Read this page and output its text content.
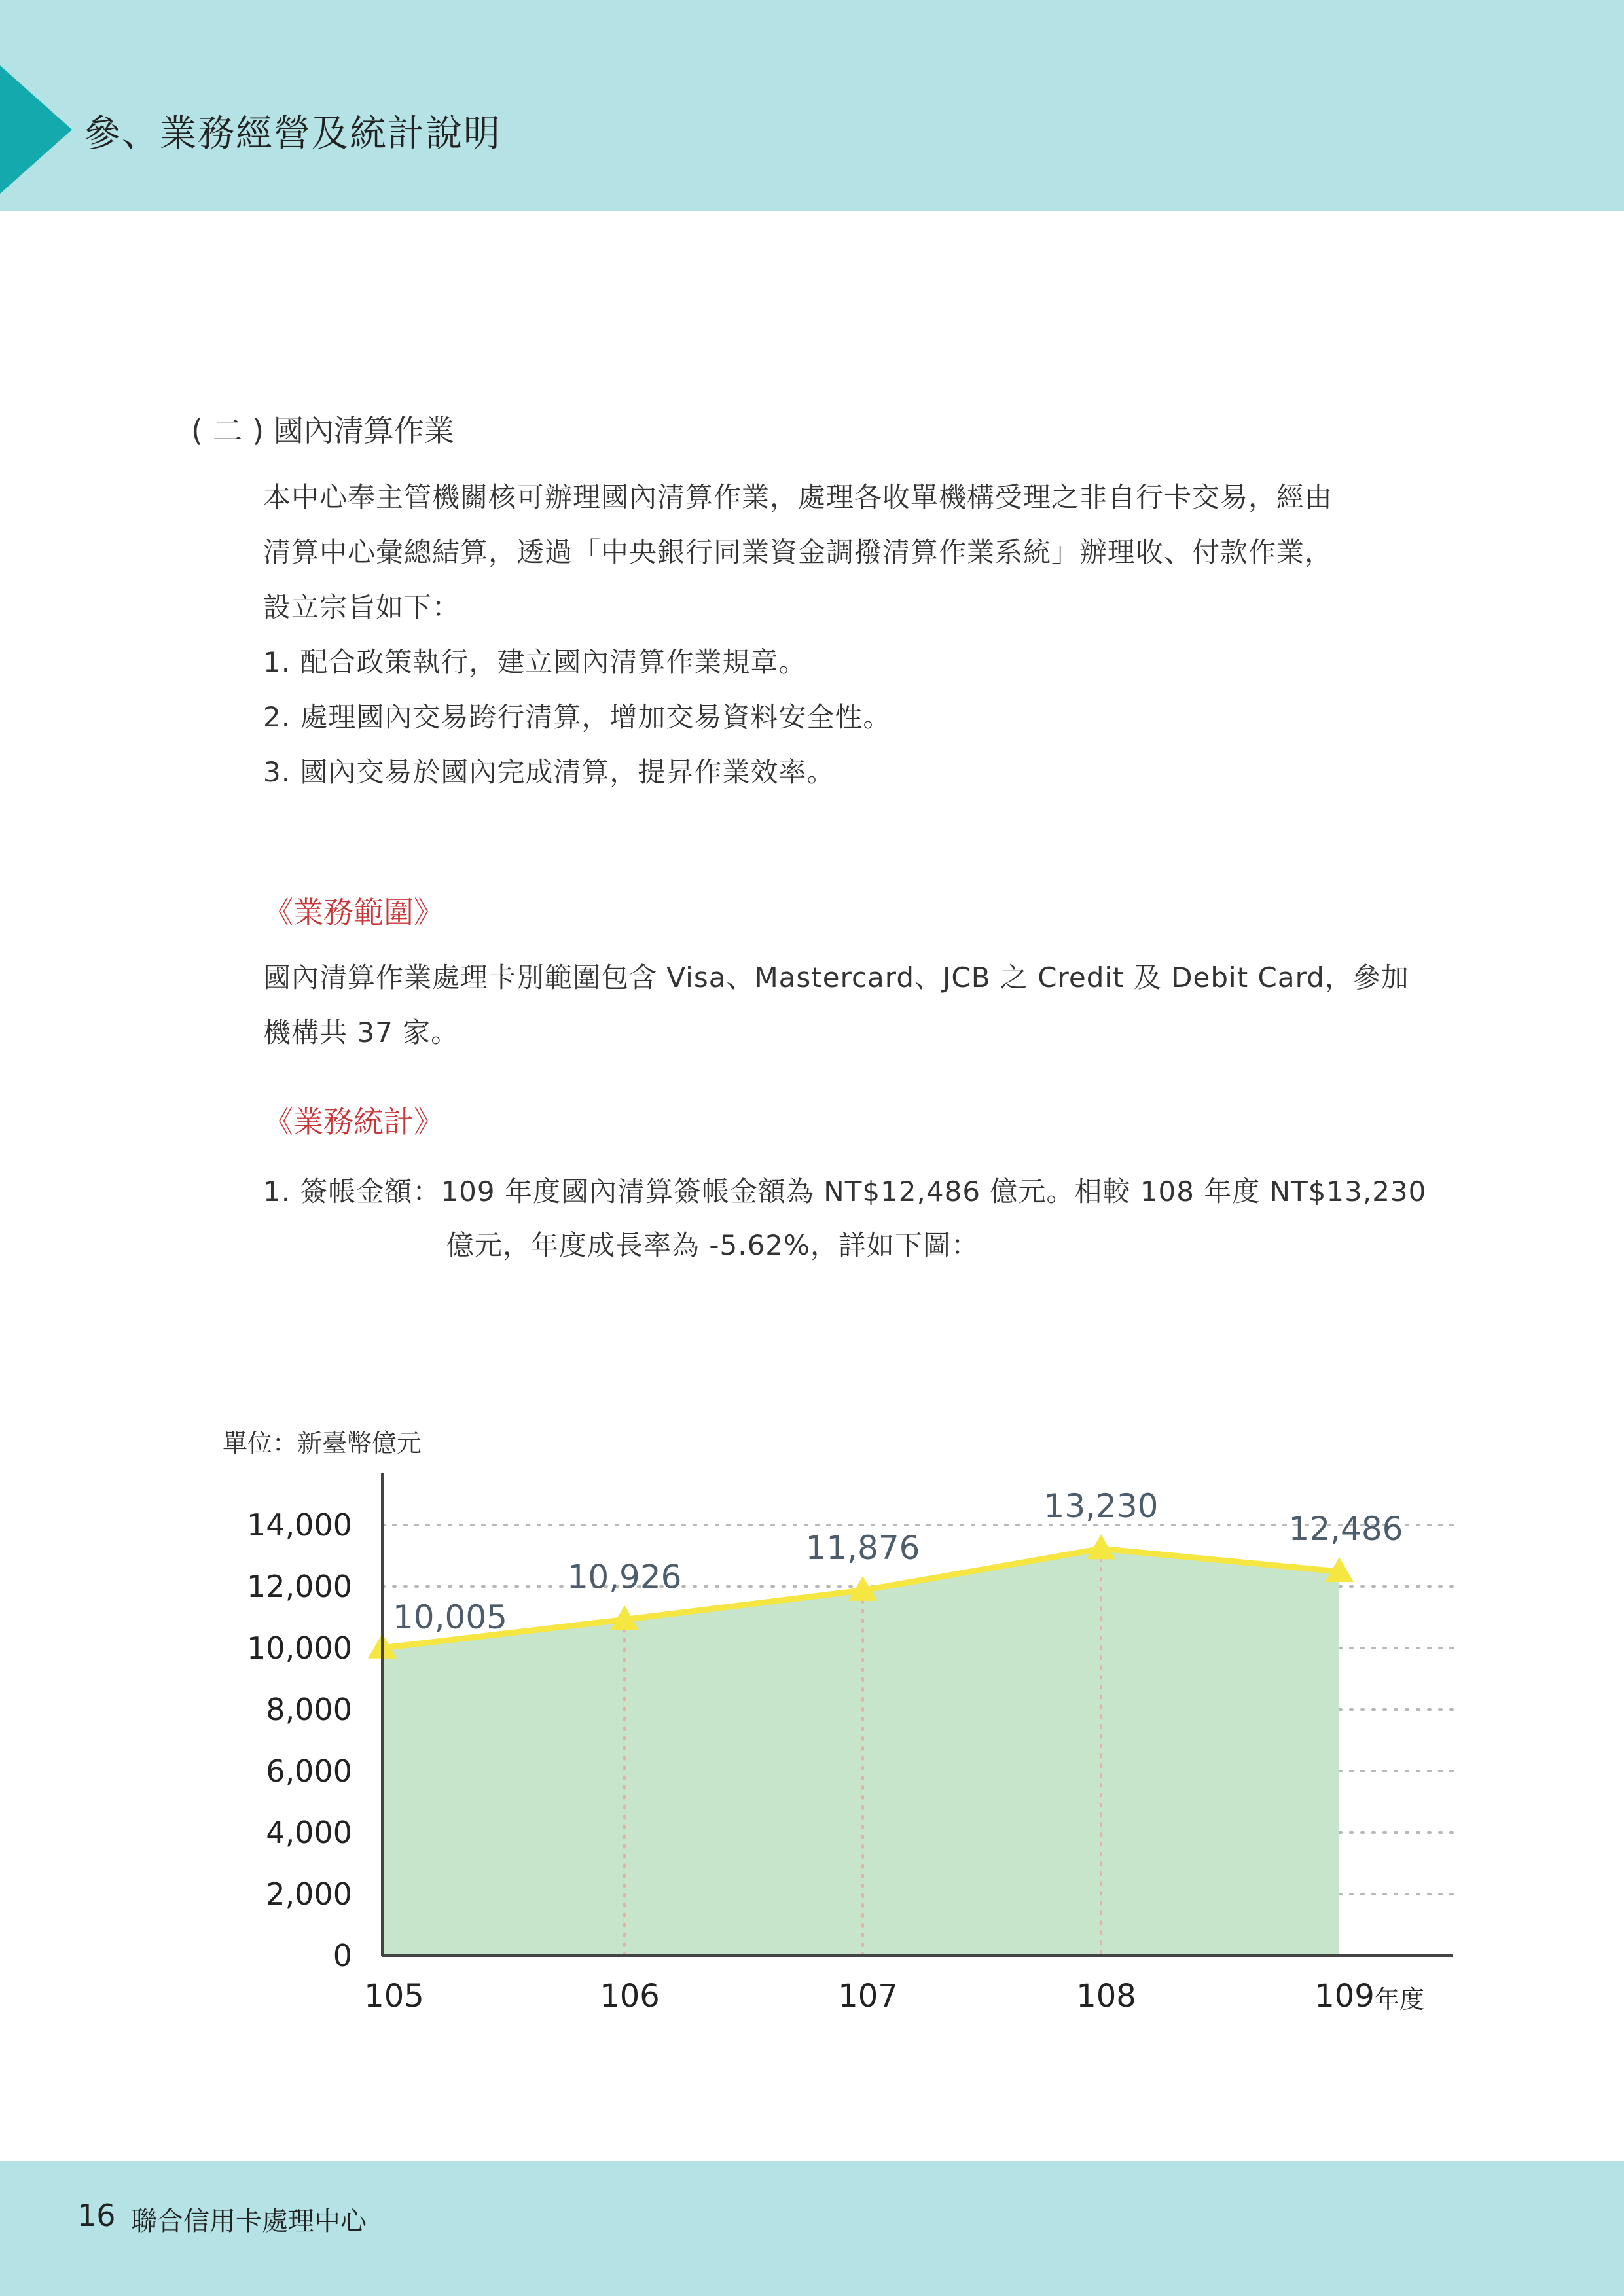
參、業務經營及統計說明
( 二 ) 國內清算作業

本中心奉主管機關核可辦理國內清算作業，處理各收單機構受理之非自行卡交易，經由

清算中心彙總結算，透過「中央銀行同業資金調撥清算作業系統」辦理收、付款作業，

設立宗旨如下：

1. 配合政策執行，建立國內清算作業規章。

2. 處理國內交易跨行清算，增加交易資料安全性。

3. 國內交易於國內完成清算，提昇作業效率。

《業務範圍》

國內清算作業處理卡別範圍包含 Visa、Mastercard、JCB 之 Credit 及 Debit Card，參加

機構共 37 家。

《業務統計》
1. 簽帳金額：109 年度國內清算簽帳金額為 NT$12,486 億元。相較 108 年度 NT$13,230
億元，年度成長率為 -5.62%，詳如下圖：
單位：新臺幣億元
10,005
10,926
11,876
13,230
12,486
0
2,000
4,000
6,000
8,000
10,000
12,000
14,000
105	106	107	108	109 年度
16 聯合信用卡處理中心
